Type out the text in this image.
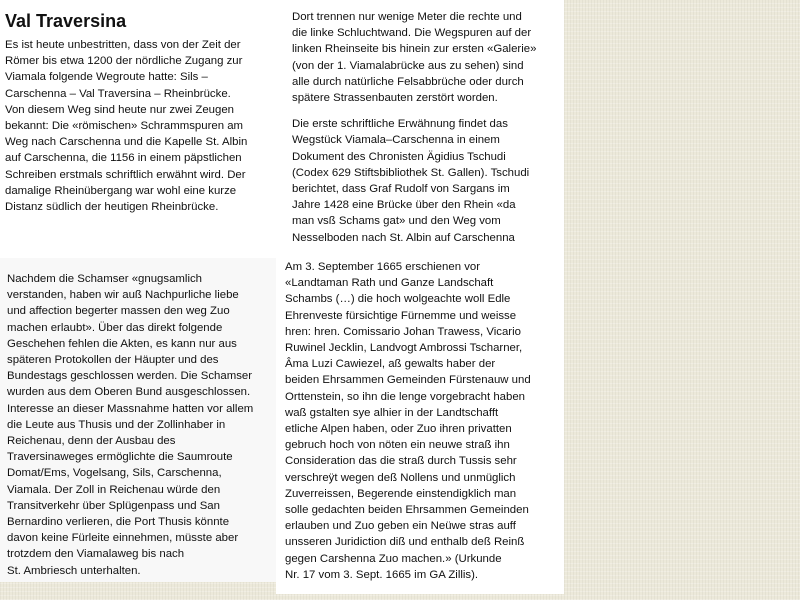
Val Traversina

Es ist heute unbestritten, dass von der Zeit der
Römer bis etwa 1200 der nördliche Zugang zur
Viamala folgende Wegroute hatte: Sils –
Carschenna – Val Traversina – Rheinbrücke.
Von diesem Weg sind heute nur zwei Zeugen
bekannt: Die «römischen» Schrammspuren am
Weg nach Carschenna und die Kapelle St. Albin
auf Carschenna, die 1156 in einem päpstlichen
Schreiben erstmals schriftlich erwähnt wird. Der
damalige Rheinübergang war wohl eine kurze
Distanz südlich der heutigen Rheinbrücke.

Dort trennen nur wenige Meter die rechte und
die linke Schluchtwand. Die Wegspuren auf der
linken Rheinseite bis hinein zur ersten «Galerie»
(von der 1. Viamalabrücke aus zu sehen) sind
alle durch natürliche Felsabbrüche oder durch
spätere Strassenbauten zerstört worden.

Die erste schriftliche Erwähnung findet das
Wegstück Viamala–Carschenna in einem
Dokument des Chronisten Ägidius Tschudi
(Codex 629 Stiftsbibliothek St. Gallen). Tschudi
berichtet, dass Graf Rudolf von Sargans im
Jahre 1428 eine Brücke über den Rhein «da
man vsß Schams gat» und den Weg vom
Nesselboden nach St. Albin auf Carschenna

Nachdem die Schamser «gnugsamlich
verstanden, haben wir auß Nachpurliche liebe
und affection begerter massen den weg Zuo
machen erlaubt». Über das direkt folgende
Geschehen fehlen die Akten, es kann nur aus
späteren Protokollen der Häupter und des
Bundestags geschlossen werden. Die Schamser
wurden aus dem Oberen Bund ausgeschlossen.
Interesse an dieser Massnahme hatten vor allem
die Leute aus Thusis und der Zollinhaber in
Reichenau, denn der Ausbau des
Traversinaweges ermöglichte die Saumroute
Domat/Ems, Vogelsang, Sils, Carschenna,
Viamala. Der Zoll in Reichenau würde den
Transitverkehr über Splügenpass und San
Bernardino verlieren, die Port Thusis könnte
davon keine Fürleite einnehmen, müsste aber
trotzdem den Viamalaweg bis nach
St. Ambriesch unterhalten.

Am 3. September 1665 erschienen vor
«Landtaman Rath und Ganze Landschaft
Schambs (…) die hoch wolgeachte woll Edle
Ehrenveste fürsichtige Fürnemme und weisse
hren: hren. Comissario Johan Trawess, Vicario
Ruwinel Jecklin, Landvogt Ambrossi Tscharner,
Âma Luzi Cawiezel, aß gewalts haber der
beiden Ehrsammen Gemeinden Fürstenauw und
Orttenstein, so ihn die lenge vorgebracht haben
waß gstalten sye alhier in der Landtschafft
etliche Alpen haben, oder Zuo ihren privatten
gebruch hoch von nöten ein neuwe straß ihn
Consideration das die straß durch Tussis sehr
verschreÿt wegen deß Nollens und unmüglich
Zuverreissen, Begerende einstendigklich man
solle gedachten beiden Ehrsammen Gemeinden
erlauben und Zuo geben ein Neüwe stras auff
unsseren Juridiction diß und enthalb deß Reinß
gegen Carshenna Zuo machen.» (Urkunde
Nr. 17 vom 3. Sept. 1665 im GA Zillis).
